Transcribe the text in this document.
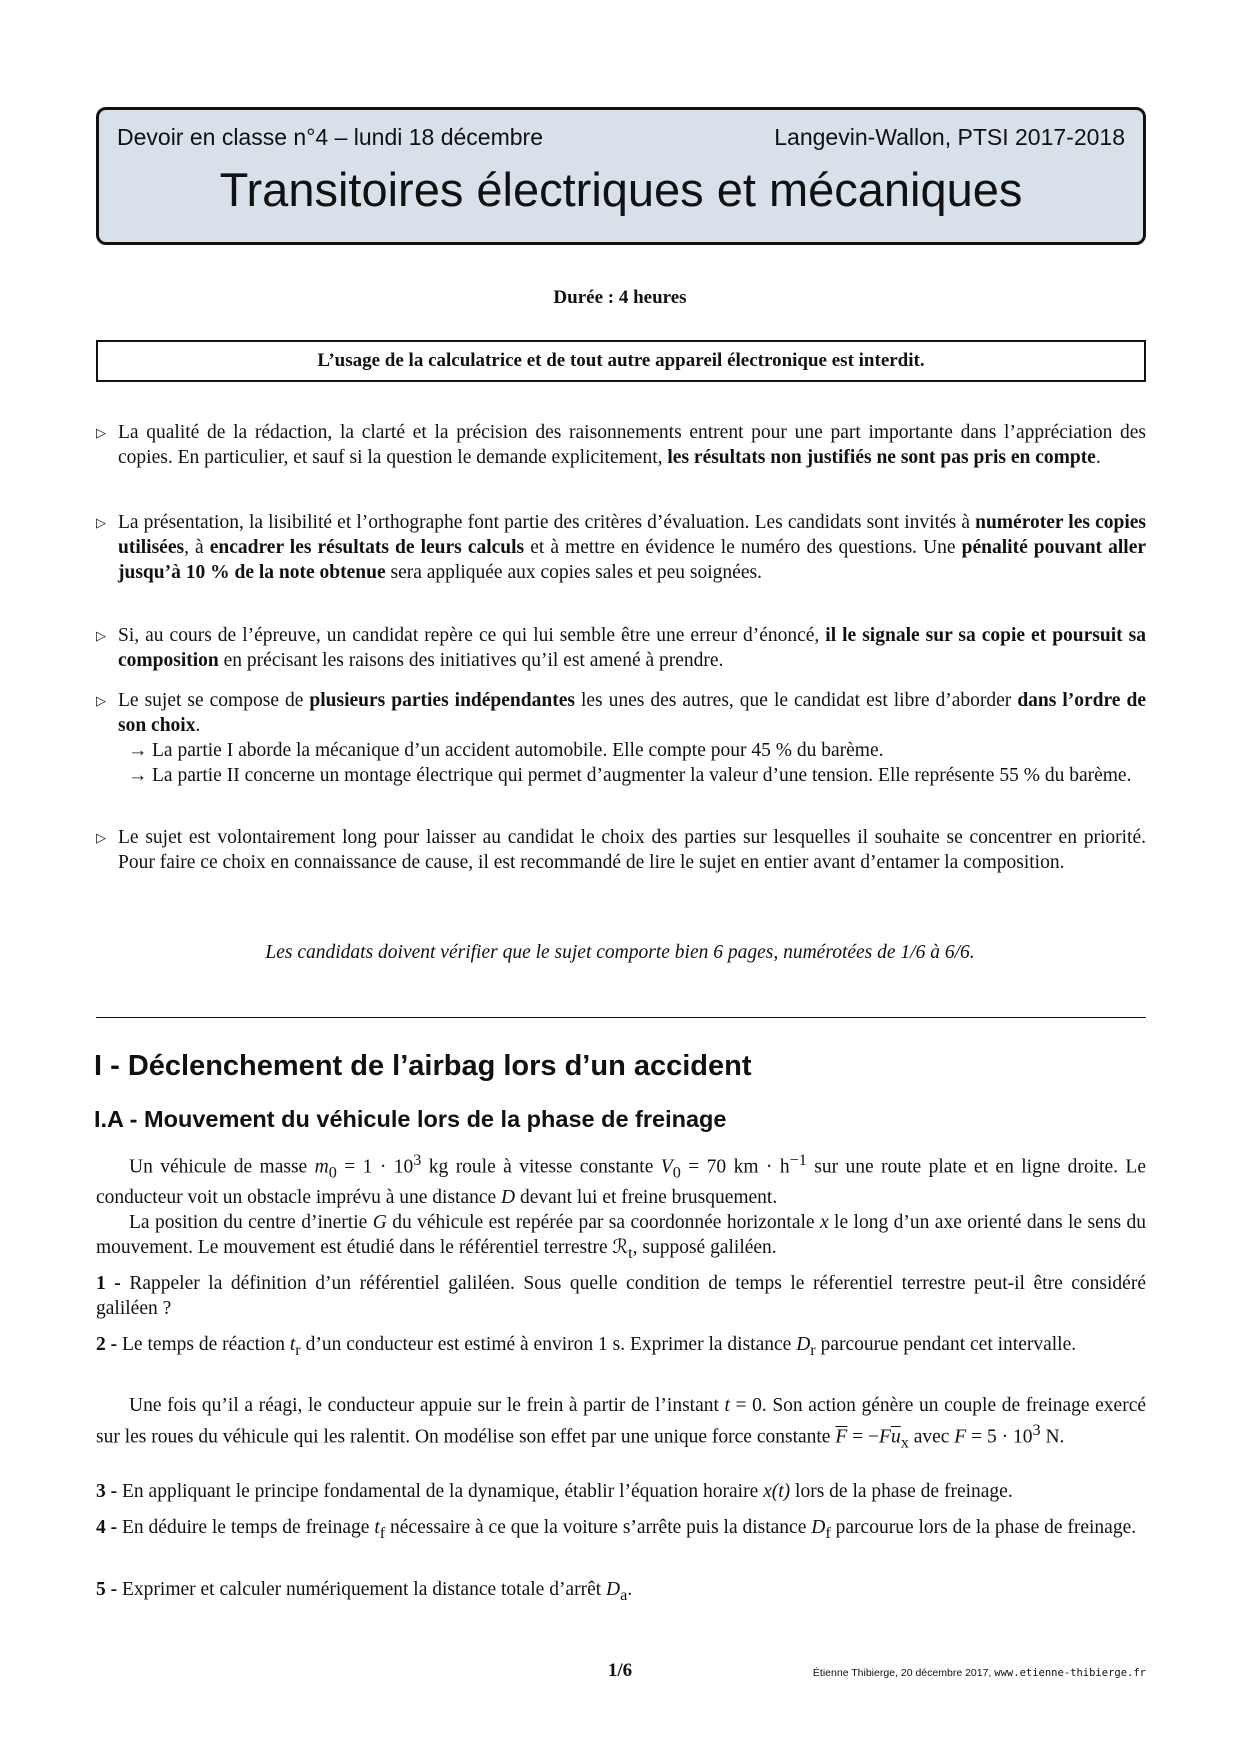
Devoir en classe n°4 – lundi 18 décembre	Langevin-Wallon, PTSI 2017-2018
Transitoires électriques et mécaniques
Durée : 4 heures
L’usage de la calculatrice et de tout autre appareil électronique est interdit.
▷ La qualité de la rédaction, la clarté et la précision des raisonnements entrent pour une part importante dans l’appréciation des copies. En particulier, et sauf si la question le demande explicitement, les résultats non justifiés ne sont pas pris en compte.
▷ La présentation, la lisibilité et l’orthographe font partie des critères d’évaluation. Les candidats sont invités à numéroter les copies utilisées, à encadrer les résultats de leurs calculs et à mettre en évidence le numéro des questions. Une pénalité pouvant aller jusqu’à 10 % de la note obtenue sera appliquée aux copies sales et peu soignées.
▷ Si, au cours de l’épreuve, un candidat repère ce qui lui semble être une erreur d’énoncé, il le signale sur sa copie et poursuit sa composition en précisant les raisons des initiatives qu’il est amené à prendre.
▷ Le sujet se compose de plusieurs parties indépendantes les unes des autres, que le candidat est libre d’aborder dans l’ordre de son choix.
→ La partie I aborde la mécanique d’un accident automobile. Elle compte pour 45 % du barème.
→ La partie II concerne un montage électrique qui permet d’augmenter la valeur d’une tension. Elle représente 55 % du barème.
▷ Le sujet est volontairement long pour laisser au candidat le choix des parties sur lesquelles il souhaite se concentrer en priorité. Pour faire ce choix en connaissance de cause, il est recommandé de lire le sujet en entier avant d’entamer la composition.
Les candidats doivent vérifier que le sujet comporte bien 6 pages, numérotées de 1/6 à 6/6.
I - Déclenchement de l’airbag lors d’un accident
I.A - Mouvement du véhicule lors de la phase de freinage
Un véhicule de masse $m_0 = 1 \cdot 10^3$ kg roule à vitesse constante $V_0 = 70$ km · $h^{-1}$ sur une route plate et en ligne droite. Le conducteur voit un obstacle imprévu à une distance D devant lui et freine brusquement.
La position du centre d’inertie G du véhicule est repérée par sa coordonnée horizontale x le long d’un axe orienté dans le sens du mouvement. Le mouvement est étudié dans le référentiel terrestre ℛ$_t$, supposé galiléen.
1 - Rappeler la définition d’un référentiel galiléen. Sous quelle condition de temps le réferentiel terrestre peut-il être considéré galiléen ?
2 - Le temps de réaction $t_r$ d’un conducteur est estimé à environ 1 s. Exprimer la distance $D_r$ parcourue pendant cet intervalle.
Une fois qu’il a réagi, le conducteur appuie sur le frein à partir de l’instant t = 0. Son action génère un couple de freinage exercé sur les roues du véhicule qui les ralentit. On modélise son effet par une unique force constante $\overline{F} = -F\overline{u}_x$ avec $F = 5 \cdot 10^3$ N.
3 - En appliquant le principe fondamental de la dynamique, établir l’équation horaire x(t) lors de la phase de freinage.
4 - En déduire le temps de freinage $t_f$ nécessaire à ce que la voiture s’arrête puis la distance $D_f$ parcourue lors de la phase de freinage.
5 - Exprimer et calculer numériquement la distance totale d’arrêt $D_a$.
1/6	Étienne Thibierge, 20 décembre 2017, www.etienne-thibierge.fr
